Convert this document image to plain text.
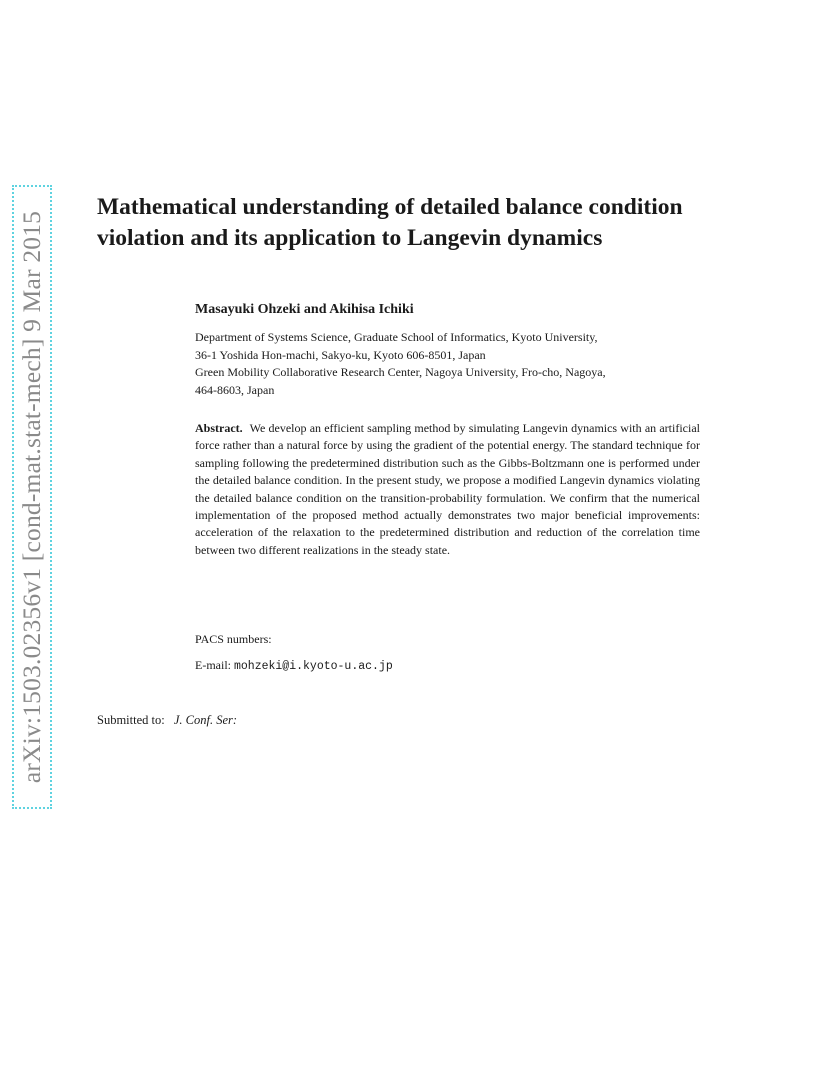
arXiv:1503.02356v1 [cond-mat.stat-mech] 9 Mar 2015
Mathematical understanding of detailed balance condition violation and its application to Langevin dynamics

Masayuki Ohzeki and Akihisa Ichiki

Department of Systems Science, Graduate School of Informatics, Kyoto University,
36-1 Yoshida Hon-machi, Sakyo-ku, Kyoto 606-8501, Japan
Green Mobility Collaborative Research Center, Nagoya University, Fro-cho, Nagoya,
464-8603, Japan

Abstract. We develop an efficient sampling method by simulating Langevin dynamics with an artificial force rather than a natural force by using the gradient of the potential energy. The standard technique for sampling following the predetermined distribution such as the Gibbs-Boltzmann one is performed under the detailed balance condition. In the present study, we propose a modified Langevin dynamics violating the detailed balance condition on the transition-probability formulation. We confirm that the numerical implementation of the proposed method actually demonstrates two major beneficial improvements: acceleration of the relaxation to the predetermined distribution and reduction of the correlation time between two different realizations in the steady state.

PACS numbers:
E-mail: mohzeki@i.kyoto-u.ac.jp
Submitted to: J. Conf. Ser:
